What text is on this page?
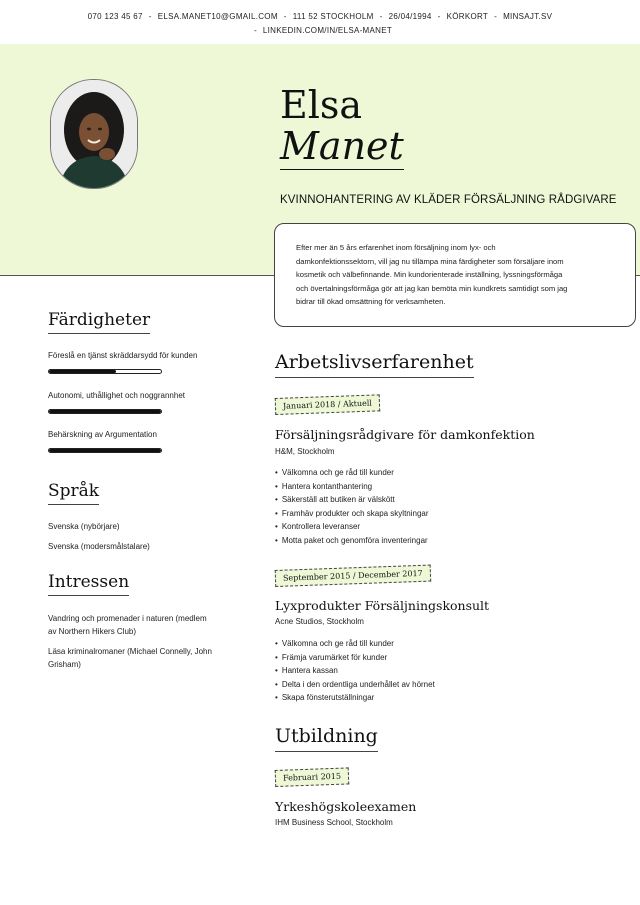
070 123 45 67 - ELSA.MANET10@GMAIL.COM - 111 52 STOCKHOLM - 26/04/1994 - KÖRKORT - MINSAJT.SV
- LINKEDIN.COM/IN/ELSA-MANET
Elsa
Manet
KVINNOHANTERING AV KLÄDER FÖRSÄLJNING RÅDGIVARE
Efter mer än 5 års erfarenhet inom försäljning inom lyx- och
damkonfektionssektorn, vill jag nu tillämpa mina färdigheter som försäljare inom
kosmetik och välbefinnande. Min kundorienterade inställning, lyssningsförmåga
och övertalningsförmåga gör att jag kan bemöta min kundkrets samtidigt som jag
bidrar till ökad omsättning för verksamheten.
Färdigheter
Föreslå en tjänst skräddarsydd för kunden
Autonomi, uthållighet och noggrannhet
Behärskning av Argumentation
Språk
Svenska (nybörjare)
Svenska (modersmålstalare)
Intressen
Vandring och promenader i naturen (medlem
av Northern Hikers Club)
Läsa kriminalromaner (Michael Connelly, John
Grisham)
Arbetslivserfarenhet
Januari 2018 / Aktuell
Försäljningsrådgivare för damkonfektion
H&M, Stockholm
• Välkomna och ge råd till kunder
• Hantera kontanthantering
• Säkerställ att butiken är välskött
• Framhäv produkter och skapa skyltningar
• Kontrollera leveranser
• Motta paket och genomföra inventeringar
September 2015 / December 2017
Lyxprodukter Försäljningskonsult
Acne Studios, Stockholm
• Välkomna och ge råd till kunder
• Främja varumärket för kunder
• Hantera kassan
• Delta i den ordentliga underhållet av hörnet
• Skapa fönsterutställningar
Utbildning
Februari 2015
Yrkeshögskoleexamen
IHM Business School, Stockholm
